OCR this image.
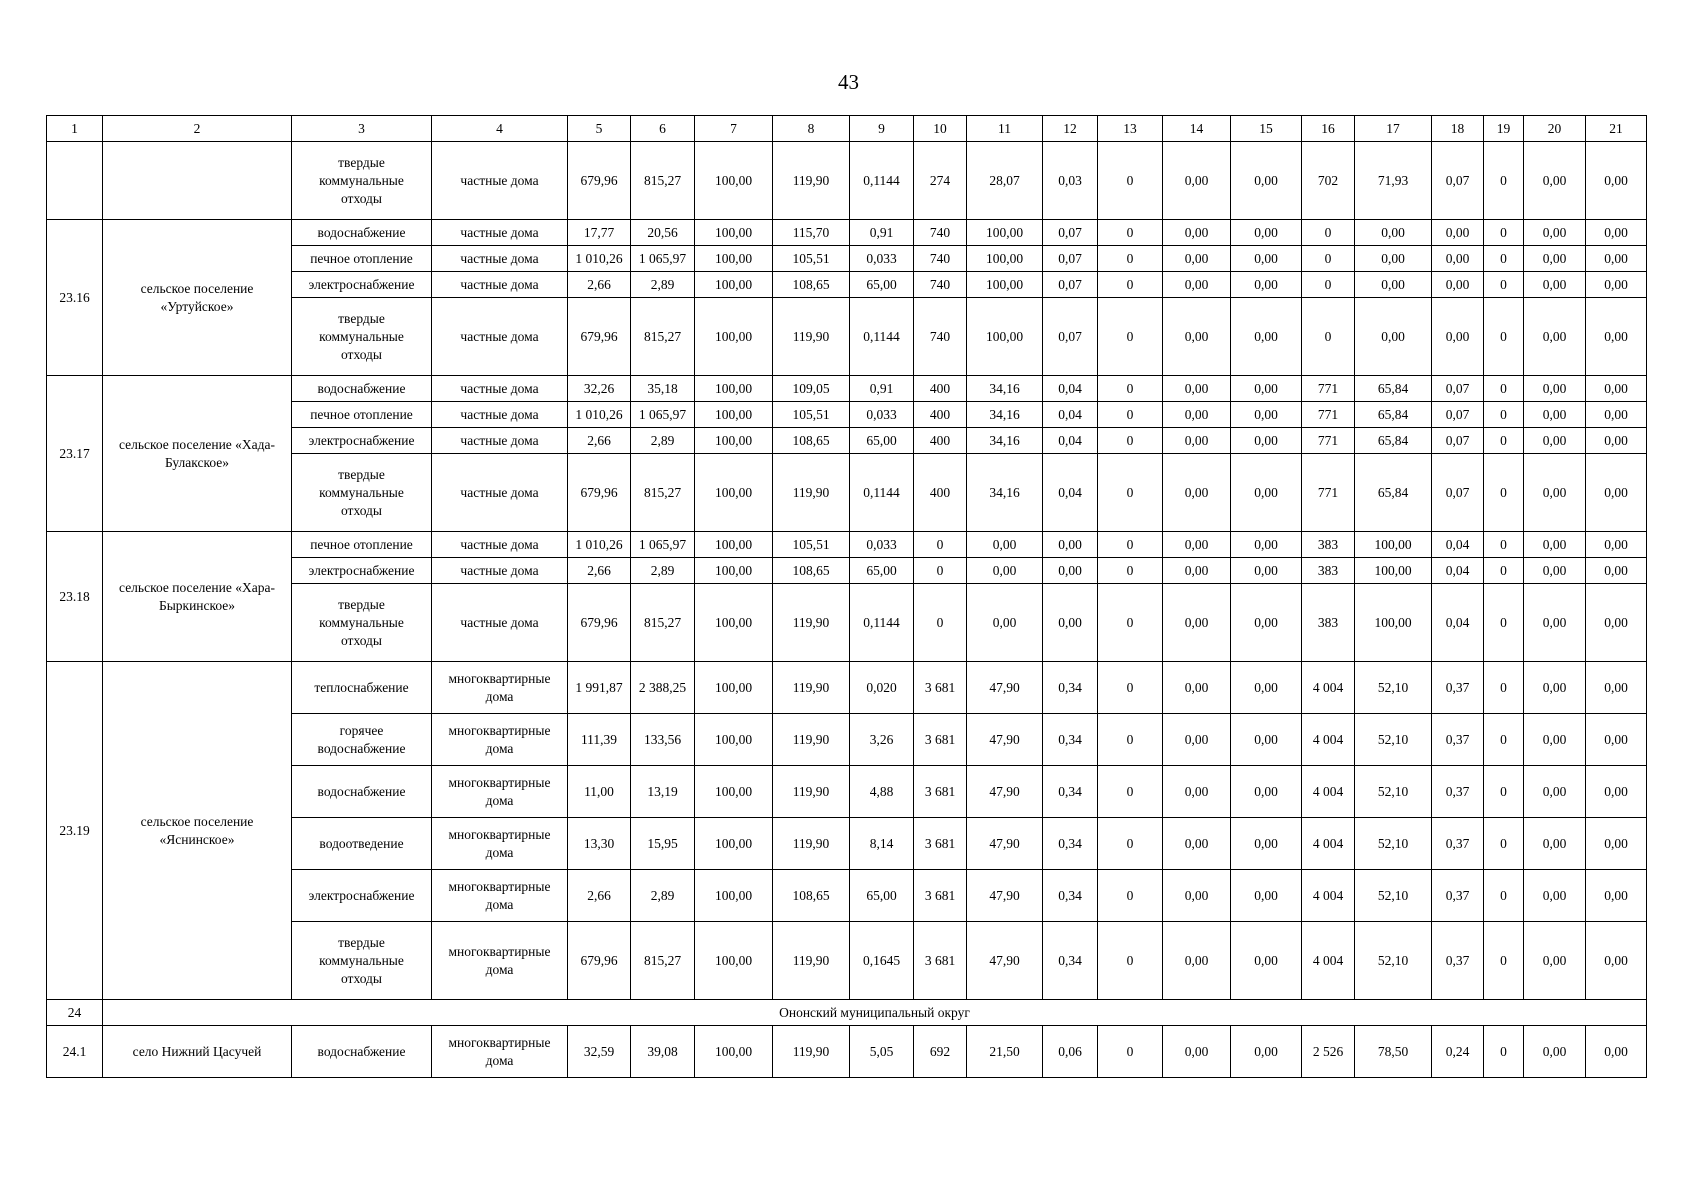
43
1	2	3	4	5	6	7	8	9	10	11	12	13	14	15	16	17	18	19	20	21
		твердые коммунальные отходы	частные дома	679,96	815,27	100,00	119,90	0,1144	274	28,07	0,03	0	0,00	0,00	702	71,93	0,07	0	0,00	0,00
23.16	сельское поселение «Уртуйское»	водоснабжение	частные дома	17,77	20,56	100,00	115,70	0,91	740	100,00	0,07	0	0,00	0,00	0	0,00	0,00	0	0,00	0,00
		печное отопление	частные дома	1 010,26	1 065,97	100,00	105,51	0,033	740	100,00	0,07	0	0,00	0,00	0	0,00	0,00	0	0,00	0,00
		электроснабжение	частные дома	2,66	2,89	100,00	108,65	65,00	740	100,00	0,07	0	0,00	0,00	0	0,00	0,00	0	0,00	0,00
		твердые коммунальные отходы	частные дома	679,96	815,27	100,00	119,90	0,1144	740	100,00	0,07	0	0,00	0,00	0	0,00	0,00	0	0,00	0,00
23.17	сельское поселение «Хада-Булакское»	водоснабжение	частные дома	32,26	35,18	100,00	109,05	0,91	400	34,16	0,04	0	0,00	0,00	771	65,84	0,07	0	0,00	0,00
		печное отопление	частные дома	1 010,26	1 065,97	100,00	105,51	0,033	400	34,16	0,04	0	0,00	0,00	771	65,84	0,07	0	0,00	0,00
		электроснабжение	частные дома	2,66	2,89	100,00	108,65	65,00	400	34,16	0,04	0	0,00	0,00	771	65,84	0,07	0	0,00	0,00
		твердые коммунальные отходы	частные дома	679,96	815,27	100,00	119,90	0,1144	400	34,16	0,04	0	0,00	0,00	771	65,84	0,07	0	0,00	0,00
23.18	сельское поселение «Хара-Быркинское»	печное отопление	частные дома	1 010,26	1 065,97	100,00	105,51	0,033	0	0,00	0,00	0	0,00	0,00	383	100,00	0,04	0	0,00	0,00
		электроснабжение	частные дома	2,66	2,89	100,00	108,65	65,00	0	0,00	0,00	0	0,00	0,00	383	100,00	0,04	0	0,00	0,00
		твердые коммунальные отходы	частные дома	679,96	815,27	100,00	119,90	0,1144	0	0,00	0,00	0	0,00	0,00	383	100,00	0,04	0	0,00	0,00
23.19	сельское поселение «Яснинское»	теплоснабжение	многоквартирные дома	1 991,87	2 388,25	100,00	119,90	0,020	3 681	47,90	0,34	0	0,00	0,00	4 004	52,10	0,37	0	0,00	0,00
		горячее водоснабжение	многоквартирные дома	111,39	133,56	100,00	119,90	3,26	3 681	47,90	0,34	0	0,00	0,00	4 004	52,10	0,37	0	0,00	0,00
		водоснабжение	многоквартирные дома	11,00	13,19	100,00	119,90	4,88	3 681	47,90	0,34	0	0,00	0,00	4 004	52,10	0,37	0	0,00	0,00
		водоотведение	многоквартирные дома	13,30	15,95	100,00	119,90	8,14	3 681	47,90	0,34	0	0,00	0,00	4 004	52,10	0,37	0	0,00	0,00
		электроснабжение	многоквартирные дома	2,66	2,89	100,00	108,65	65,00	3 681	47,90	0,34	0	0,00	0,00	4 004	52,10	0,37	0	0,00	0,00
		твердые коммунальные отходы	многоквартирные дома	679,96	815,27	100,00	119,90	0,1645	3 681	47,90	0,34	0	0,00	0,00	4 004	52,10	0,37	0	0,00	0,00
24	Ононский муниципальный округ																			
24.1	село Нижний Цасучей	водоснабжение	многоквартирные дома	32,59	39,08	100,00	119,90	5,05	692	21,50	0,06	0	0,00	0,00	2 526	78,50	0,24	0	0,00	0,00
